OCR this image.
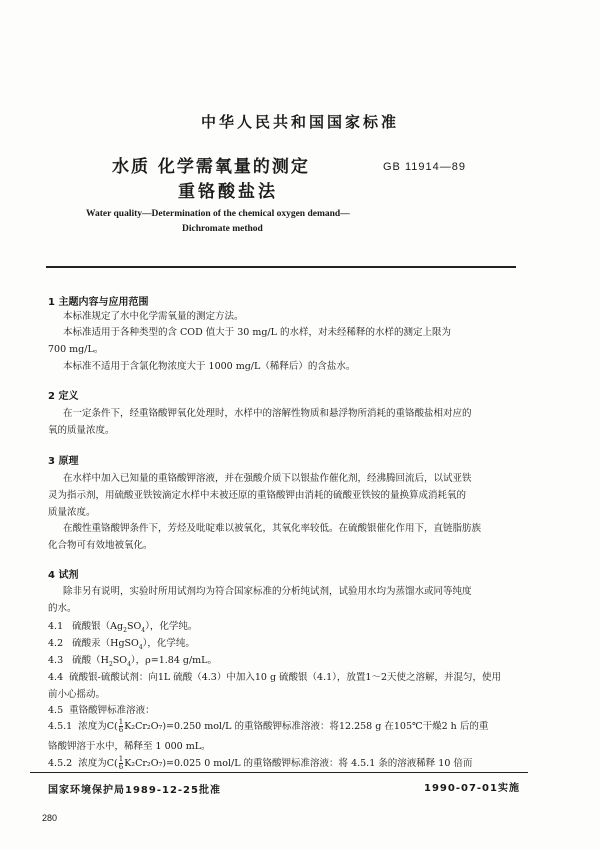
中华人民共和国国家标准
水质 化学需氧量的测定
重铬酸盐法
GB 11914—89
Water quality—Determination of the chemical oxygen demand—
Dichromate method
1 主题内容与应用范围
本标准规定了水中化学需氧量的测定方法。
本标准适用于各种类型的含 COD 值大于 30 mg/L 的水样，对未经稀释的水样的测定上限为
700 mg/L。
本标准不适用于含氯化物浓度大于 1000 mg/L（稀释后）的含盐水。
2 定义
在一定条件下，经重铬酸钾氧化处理时，水样中的溶解性物质和悬浮物所消耗的重铬酸盐相对应的
氧的质量浓度。
3 原理
在水样中加入已知量的重铬酸钾溶液，并在强酸介质下以银盐作催化剂，经沸腾回流后，以试亚铁
灵为指示剂，用硫酸亚铁铵滴定水样中未被还原的重铬酸钾由消耗的硫酸亚铁铵的量换算成消耗氧的
质量浓度。
在酸性重铬酸钾条件下，芳烃及吡啶难以被氧化，其氧化率较低。在硫酸银催化作用下，直链脂肪族
化合物可有效地被氧化。
4 试剂
除非另有说明，实验时所用试剂均为符合国家标准的分析纯试剂，试验用水均为蒸馏水或同等纯度
的水。
4.1 硫酸银$(Ag_2SO_4)$，化学纯。
4.2 硫酸汞（HgSO$_4$），化学纯。
4.3 硫酸$(H_2SO_4)$，ρ=1.84 g/mL。
4.4 硫酸银-硫酸试剂：向1L 硫酸（4.3）中加入10 g 硫酸银（4.1），放置1～2天使之溶解，并混匀，使用
前小心摇动。
4.5 重铬酸钾标准溶液：
4.5.1 浓度为$C( \frac{1}{6} K_2Cr_2O_7)=0.250$ mol/L 的重铬酸钾标准溶液：将12.258 g 在105℃干燥2 h 后的重
铬酸钾溶于水中，稀释至 1 000 mL。
4.5.2 浓度为$C( \frac{1}{6} K_2Cr_2O_7)=0.025$ 0 mol/L 的重铬酸钾标准溶液：将 4.5.1 条的溶液稀释 10 倍而
国家环境保护局1989-12-25批准	1990-07-01实施
280
